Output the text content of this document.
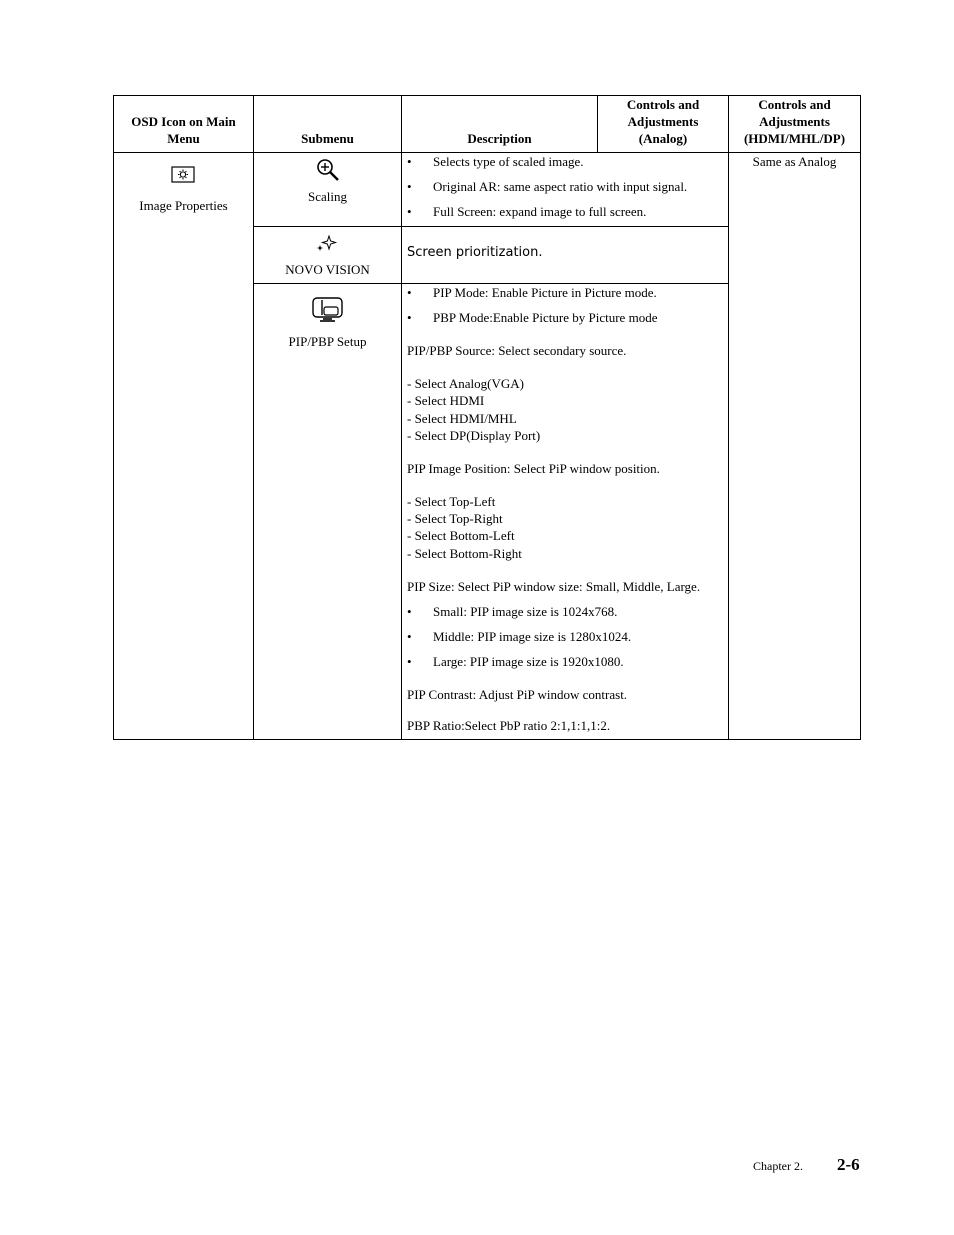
OSD Icon on Main Menu	Submenu	Description
Controls and
Adjustments
(Analog)
Controls and
Adjustments
(HDMI/MHL/DP)
Image Properties
Same as Analog
Scaling
• Selects type of scaled image.
• Original AR: same aspect ratio with input signal.
• Full Screen: expand image to full screen.
NOVO VISION
Screen prioritization.
PIP/PBP Setup
• PIP Mode: Enable Picture in Picture mode.
• PBP Mode:Enable Picture by Picture mode
PIP/PBP Source: Select secondary source.
- Select Analog(VGA)
- Select HDMI
- Select HDMI/MHL
- Select DP(Display Port)
PIP Image Position: Select PiP window position.
- Select Top-Left
- Select Top-Right
- Select Bottom-Left
- Select Bottom-Right
PIP Size: Select PiP window size: Small, Middle, Large.
• Small: PIP image size is 1024x768.
• Middle: PIP image size is 1280x1024.
• Large: PIP image size is 1920x1080.
PIP Contrast: Adjust PiP window contrast.
PBP Ratio:Select PbP ratio 2:1,1:1,1:2.
Chapter 2. 2-6
